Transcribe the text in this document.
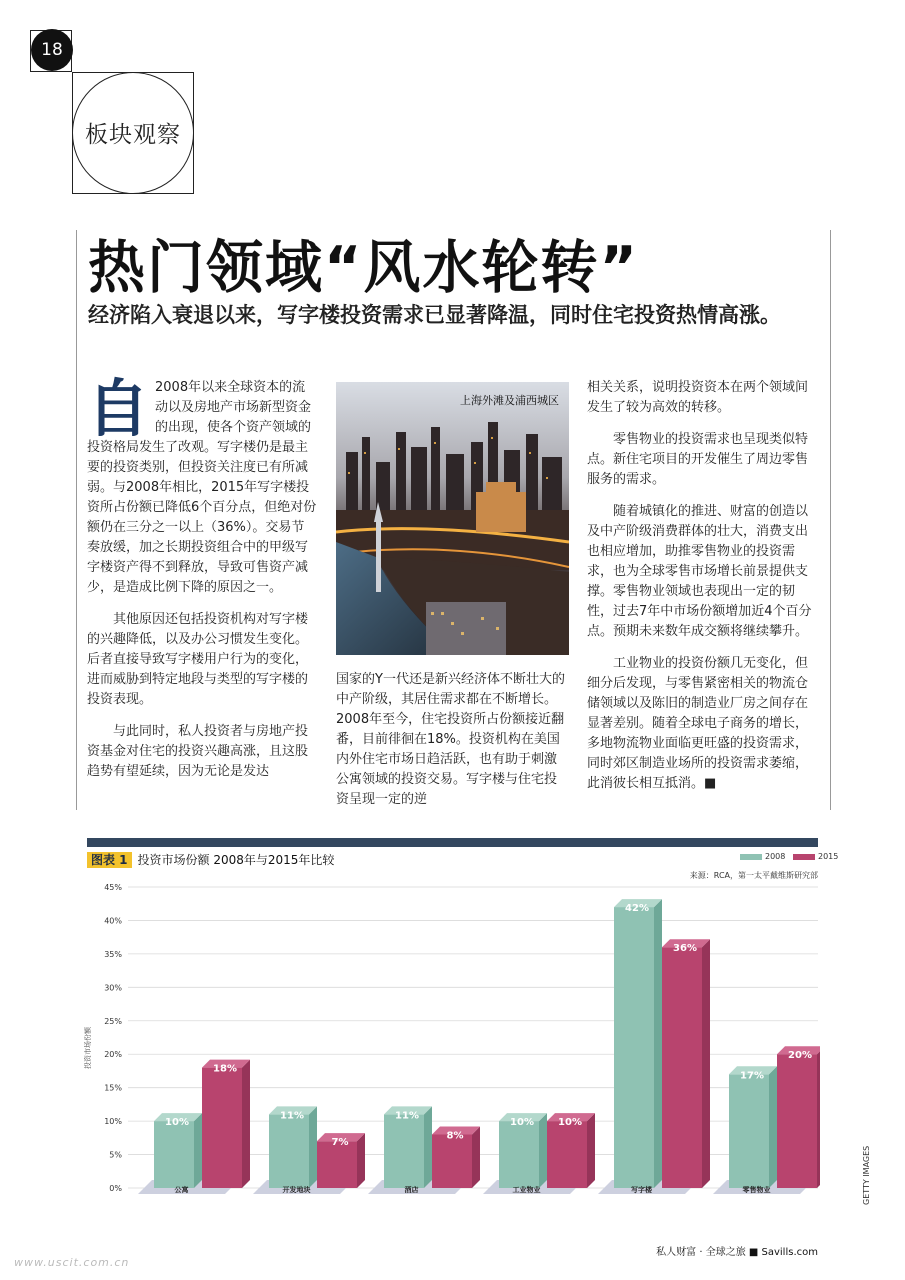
18
板块观察
热门领域“风水轮转”
经济陷入衰退以来，写字楼投资需求已显著降温，同时住宅投资热情高涨。

自 2008年以来全球资本的流动以及房地产市场新型资金的出现，使各个资产领域的投资格局发生了改观。写字楼仍是最主要的投资类别，但投资关注度已有所减弱。与2008年相比，2015年写字楼投资所占份额已降低6个百分点，但绝对份额仍在三分之一以上（36%）。交易节奏放缓，加之长期投资组合中的甲级写字楼资产得不到释放，导致可售资产减少，是造成比例下降的原因之一。

其他原因还包括投资机构对写字楼的兴趣降低，以及办公习惯发生变化。后者直接导致写字楼用户行为的变化，进而威胁到特定地段与类型的写字楼的投资表现。

与此同时，私人投资者与房地产投资基金对住宅的投资兴趣高涨，且这股趋势有望延续，因为无论是发达

上海外滩及浦西城区

国家的Y一代还是新兴经济体不断壮大的中产阶级，其居住需求都在不断增长。2008年至今，住宅投资所占份额接近翻番，目前徘徊在18%。投资机构在美国内外住宅市场日趋活跃，也有助于刺激公寓领域的投资交易。写字楼与住宅投资呈现一定的逆

相关关系，说明投资资本在两个领域间发生了较为高效的转移。

零售物业的投资需求也呈现类似特点。新住宅项目的开发催生了周边零售服务的需求。

随着城镇化的推进、财富的创造以及中产阶级消费群体的壮大，消费支出也相应增加，助推零售物业的投资需求，也为全球零售市场增长前景提供支撑。零售物业领域也表现出一定的韧性，过去7年中市场份额增加近4个百分点。预期未来数年成交额将继续攀升。

工业物业的投资份额几无变化，但细分后发现，与零售紧密相关的物流仓储领域以及陈旧的制造业厂房之间存在显著差别。随着全球电子商务的增长，多地物流物业面临更旺盛的投资需求，同时郊区制造业场所的投资需求萎缩，此消彼长相互抵消。■

图表 1 投资市场份额 2008年与2015年比较	2008	2015
来源：RCA，第一太平戴维斯研究部
0%
5%
10%
15%
20%
25%
30%
35%
40%
45%
投资市场份额
10%
18%
公寓
11%
7%
开发地块
11%
8%
酒店
10% 10%
工业物业
42%
36%
写字楼
17%
20%
零售物业	GETTY IMAGES
私人财富 · 全球之旅 ■ Savills.com
www.uscit.com.cn
